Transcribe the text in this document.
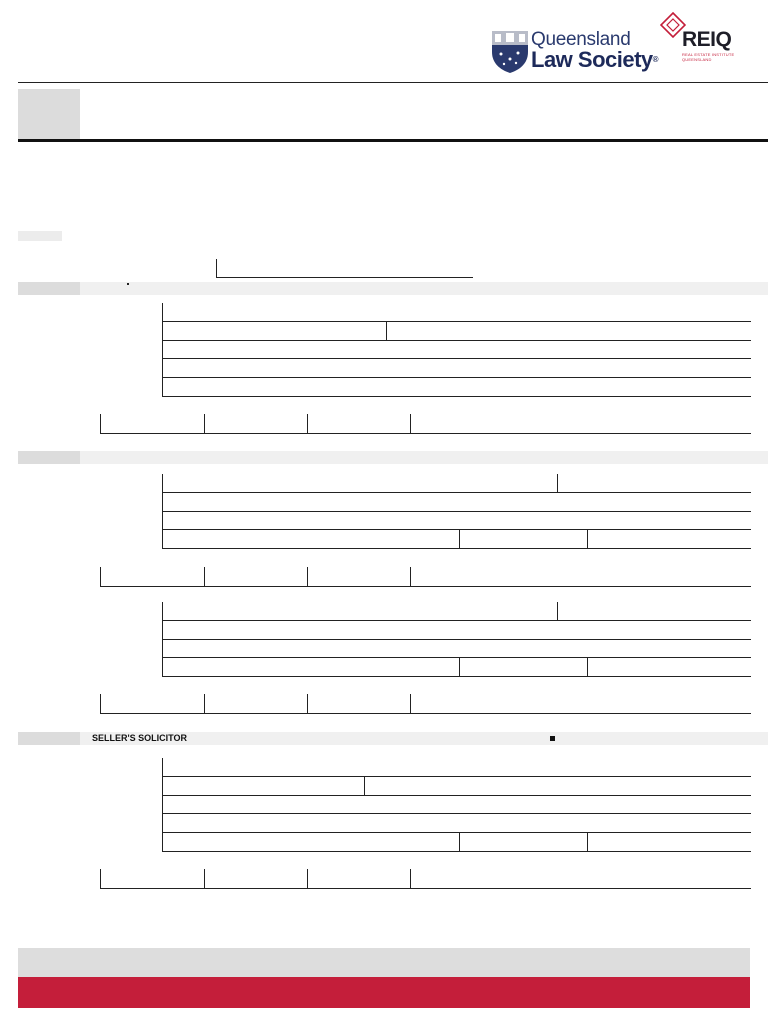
Queensland
Law Society®
REIQ
REAL ESTATE INSTITUTE
QUEENSLAND
SELLER'S SOLICITOR
